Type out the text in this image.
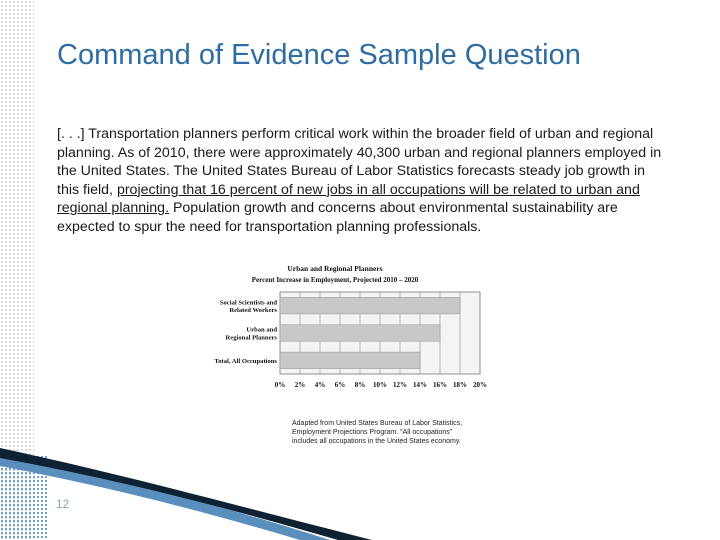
Command of Evidence Sample Question

[. . .] Transportation planners perform critical work within the broader field of urban and regional planning. As of 2010, there were approximately 40,300 urban and regional planners employed in the United States. The United States Bureau of Labor Statistics forecasts steady job growth in this field, projecting that 16 percent of new jobs in all occupations will be related to urban and regional planning. Population growth and concerns about environmental sustainability are expected to spur the need for transportation planning professionals.

Urban and Regional Planners
Percent Increase in Employment, Projected 2010 – 2020
0% 2% 4% 6% 8% 10% 12% 14% 16% 18% 20%
Social Scientists and
Related Workers
Urban and
Regional Planners
Total, All Occupations

Adapted from United States Bureau of Labor Statistics,
Employment Projections Program. "All occupations"
includes all occupations in the United States economy.

12
